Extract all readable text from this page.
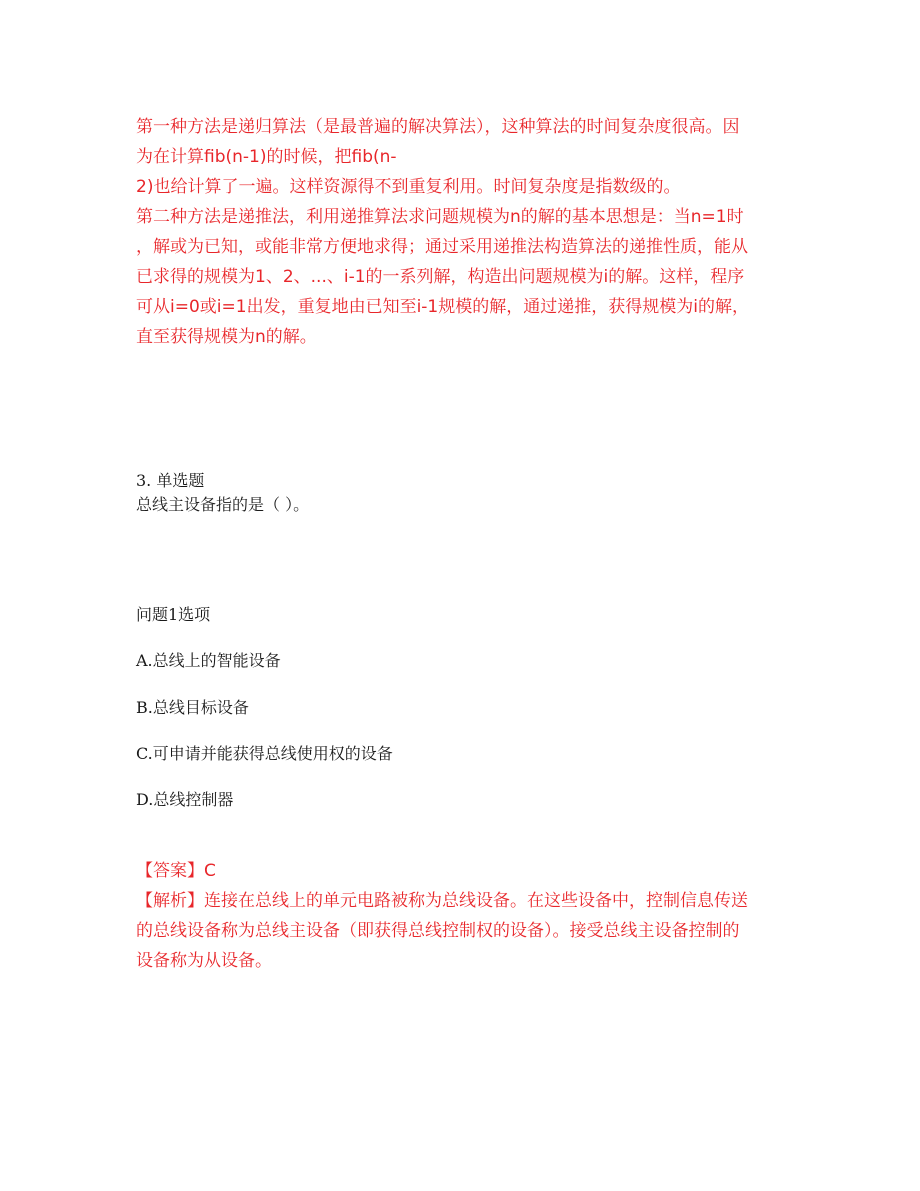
第一种方法是递归算法（是最普遍的解决算法），这种算法的时间复杂度很高。因
为在计算fib(n-1)的时候，把fib(n-
2)也给计算了一遍。这样资源得不到重复利用。时间复杂度是指数级的。
第二种方法是递推法，利用递推算法求问题规模为n的解的基本思想是：当n=1时
，解或为已知，或能非常方便地求得；通过采用递推法构造算法的递推性质，能从
已求得的规模为1、2、...、i-1的一系列解，构造出问题规模为i的解。这样，程序
可从i=0或i=1出发，重复地由已知至i-1规模的解，通过递推，获得规模为i的解，
直至获得规模为n的解。
3. 单选题
总线主设备指的是（ ）。
问题1选项
A.总线上的智能设备
B.总线目标设备
C.可申请并能获得总线使用权的设备
D.总线控制器
【答案】C
【解析】连接在总线上的单元电路被称为总线设备。在这些设备中，控制信息传送
的总线设备称为总线主设备（即获得总线控制权的设备）。接受总线主设备控制的
设备称为从设备。
